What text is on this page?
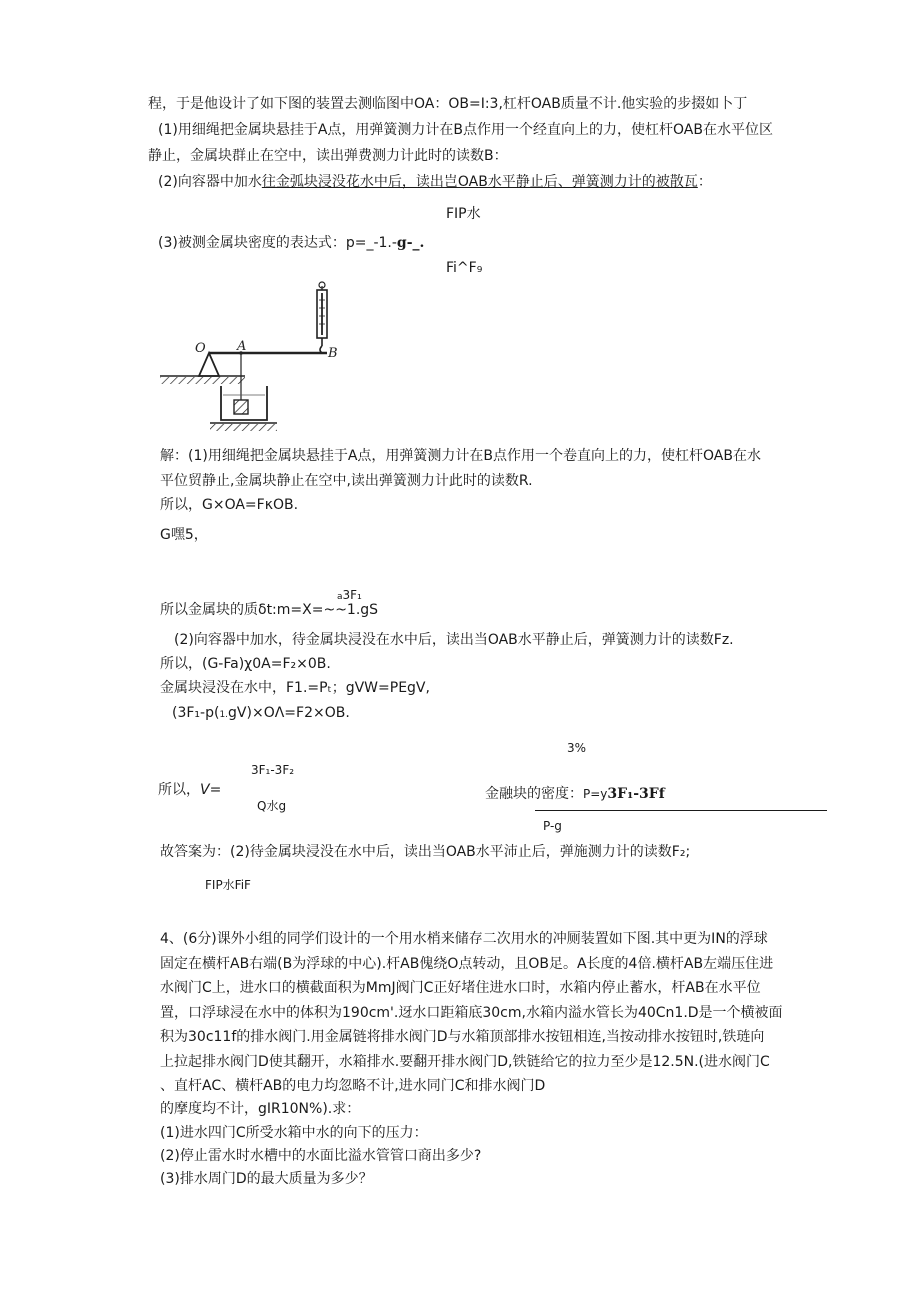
程，于是他设计了如下图的装置去测临图中OA：OB=I:3,杠杆OAB质量不计.他实验的步掇如卜丁
(1)用细绳把金属块悬挂于A点，用弹簧测力计在B点作用一个经直向上的力，使杠杆OAB在水平位区
静止，金属块群止在空中，读出弹费测力计此时的读数B：
(2)向容器中加水往金弧块浸没花水中后，读出岂OAB水平静止后、弹簧测力计的被散瓦：
FIP水
(3)被测金属块密度的表达式：p=_-1.-g-_.
Fi^F₉
O A	B
解：(1)用细绳把金属块悬挂于A点，用弹簧测力计在B点作用一个卷直向上的力，使杠杆OAB在水
平位贸静止,金属块静止在空中,读出弹簧测力计此时的读数R.
所以，G×OA=FκOB.
G嘿5，
a3F₁
所以金属块的质δt:m=X=~~1.gS
(2)向容器中加水，待金属块浸没在水中后，读出当OAB水平静止后，弹簧测力计的读数Fz.
所以，(G-Fa)χ0A=F₂×0B.
金属块浸没在水中，F1.=Pₜ；gVW=PEgV,
(3F₁-p(1.gV)×OΛ=F2×OB.
3%
3F₁-3F₂
所以，V=	金融块的密度：P=y3F₁-3Ff
Q水g
P-g
故答案为：(2)待金属块浸没在水中后，读出当OAB水平沛止后，弹施测力计的读数F₂;
FIP水FiF
4、(6分)课外小组的同学们设计的一个用水梢来储存二次用水的冲厕装置如下图.其中更为IN的浮球
固定在横杆AB右端(B为浮球的中心).杆AB傀绕O点转动，且OB足。A长度的4倍.横杆AB左端压住进
水阀门C上，进水口的横截面积为MmJ阀门C正好堵住进水口时，水箱内停止蓄水，杆AB在水平位
置，口浮球浸在水中的体积为190cm'.迓水口距箱底30cm,水箱内溢水管长为40Cn1.D是一个横被面
积为30c11f的排水阀门.用金属链将排水阀门D与水箱顶部排水按钮相连,当按动排水按钮时,铁琏向
上拉起排水阀门D使其翻开，水箱排水.要翻开排水阀门D,铁链给它的拉力至少是12.5N.(进水阀门C
、直杆AC、横杆AB的电力均忽略不计,进水同门C和排水阀门D
的摩度均不计，gIR10N%).求：
(1)进水四门C所受水箱中水的向下的压力：
(2)停止雷水时水槽中的水面比溢水管管口商出多少?
(3)排水周门D的最大质量为多少？
